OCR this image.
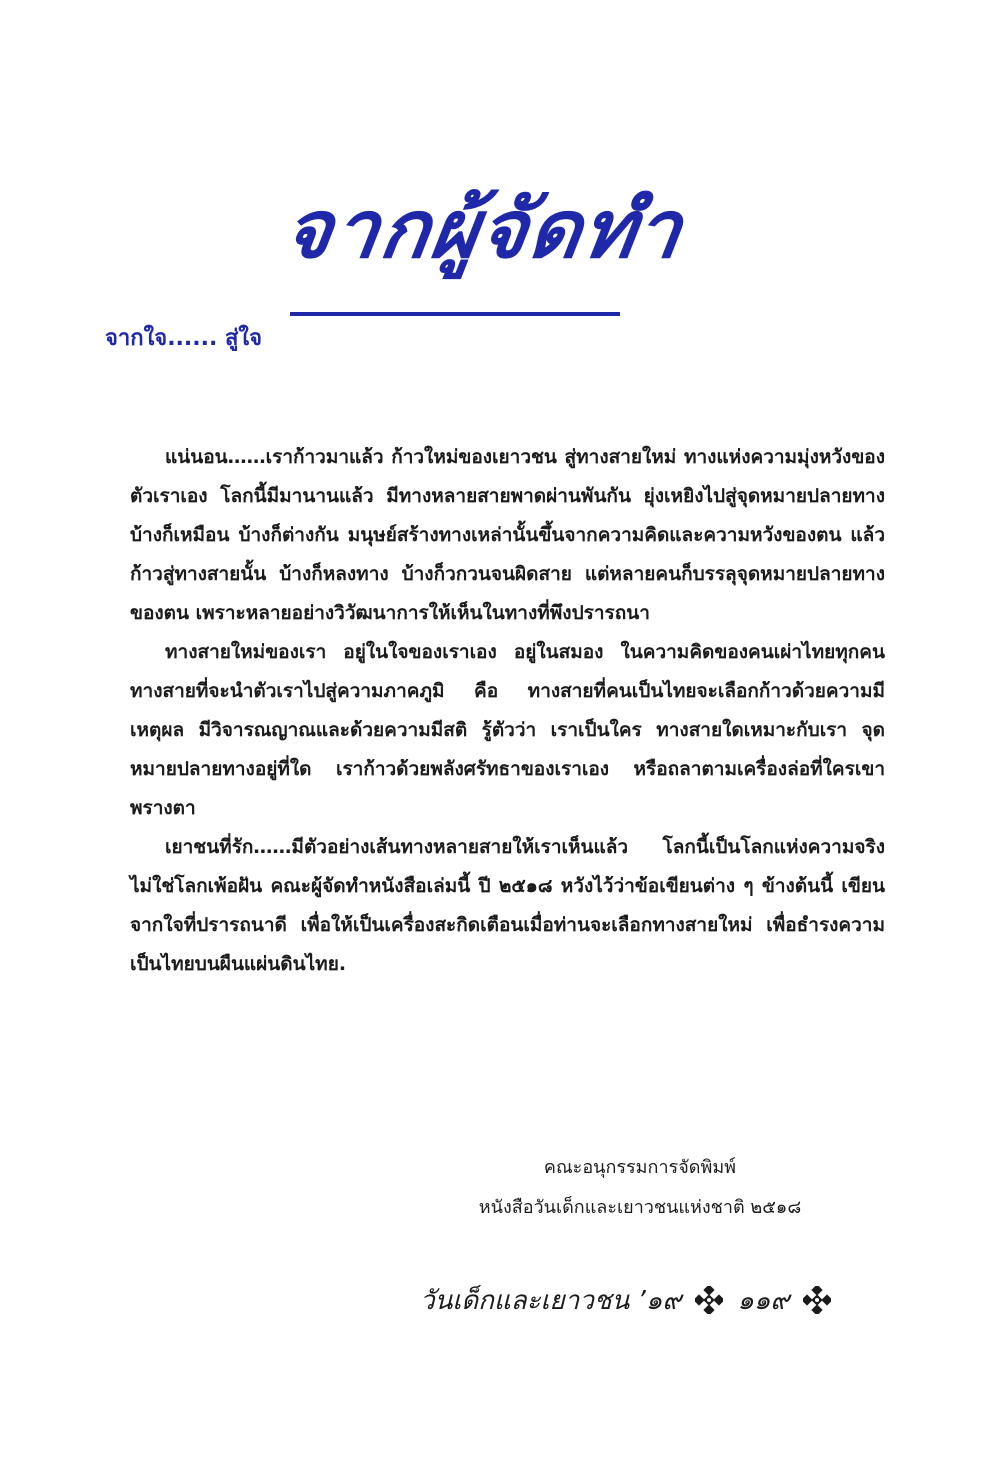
จากผู้จัดทำ
จากใจ...... สู่ใจ

แน่นอน……เราก้าวมาแล้ว ก้าวใหม่ของเยาวชน สู่ทางสายใหม่ ทางแห่งความมุ่งหวังของตัวเราเอง โลกนี้มีมานานแล้ว มีทางหลายสายพาดผ่านพันกัน ยุ่งเหยิงไปสู่จุดหมายปลายทาง บ้างก็เหมือน บ้างก็ต่างกัน มนุษย์สร้างทางเหล่านั้นขึ้นจากความคิดและความหวังของตน แล้วก้าวสู่ทางสายนั้น บ้างก็หลงทาง บ้างก็วกวนจนผิดสาย แต่หลายคนก็บรรลุจุดหมายปลายทางของตน เพราะหลายอย่างวิวัฒนาการให้เห็นในทางที่พึงปรารถนา

ทางสายใหม่ของเรา อยู่ในใจของเราเอง อยู่ในสมอง ในความคิดของคนเผ่าไทยทุกคน ทางสายที่จะนำตัวเราไปสู่ความภาคภูมิ คือ ทางสายที่คนเป็นไทยจะเลือกก้าวด้วยความมีเหตุผล มีวิจารณญาณและด้วยความมีสติ รู้ตัวว่า เราเป็นใคร ทางสายใดเหมาะกับเรา จุดหมายปลายทางอยู่ที่ใด เราก้าวด้วยพลังศรัทธาของเราเอง หรือถลาตามเครื่องล่อที่ใครเขาพรางตา

เยาชนที่รัก……มีตัวอย่างเส้นทางหลายสายให้เราเห็นแล้ว โลกนี้เป็นโลกแห่งความจริง ไม่ใช่โลกเพ้อฝัน คณะผู้จัดทำหนังสือเล่มนี้ ปี ๒๕๑๘ หวังไว้ว่าข้อเขียนต่าง ๆ ข้างต้นนี้ เขียนจากใจที่ปรารถนาดี เพื่อให้เป็นเครื่องสะกิดเตือนเมื่อท่านจะเลือกทางสายใหม่ เพื่อธำรงความเป็นไทยบนผืนแผ่นดินไทย.

คณะอนุกรรมการจัดพิมพ์
หนังสือวันเด็กและเยาวชนแห่งชาติ ๒๕๑๘
วันเด็กและเยาวชน ’๑๙ ๑๑๙
